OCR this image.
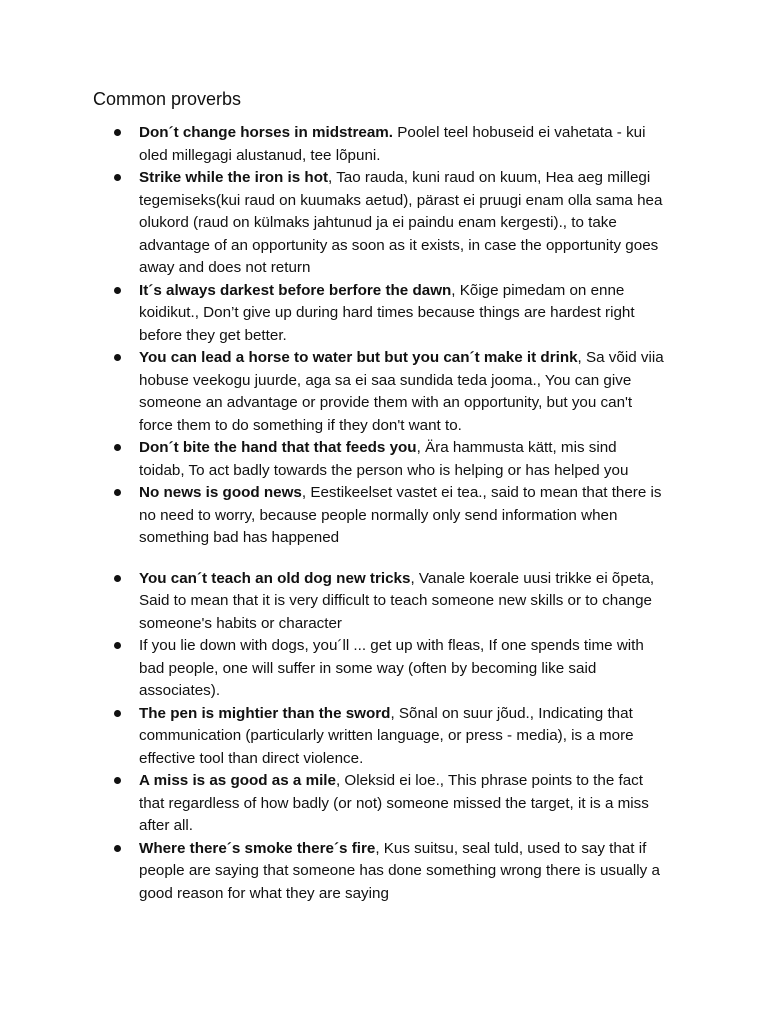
Common proverbs
Don´t change horses in midstream. Poolel teel hobuseid ei vahetata - kui oled millegagi alustanud, tee lõpuni.
Strike while the iron is hot, Tao rauda, kuni raud on kuum, Hea aeg millegi tegemiseks(kui raud on kuumaks aetud), pärast ei pruugi enam olla sama hea olukord (raud on külmaks jahtunud ja ei paindu enam kergesti)., to take advantage of an opportunity as soon as it exists, in case the opportunity goes away and does not return
It´s always darkest before berfore the dawn, Kõige pimedam on enne koidikut., Don’t give up during hard times because things are hardest right before they get better.
You can lead a horse to water but but you can´t make it drink, Sa võid viia hobuse veekogu juurde, aga sa ei saa sundida teda jooma., You can give someone an advantage or provide them with an opportunity, but you can't force them to do something if they don't want to.
Don´t bite the hand that that feeds you, Ära hammusta kätt, mis sind toidab, To act badly towards the person who is helping or has helped you
No news is good news, Eestikeelset vastet ei tea., said to mean that there is no need to worry, because people normally only send information when something bad has happened
You can´t teach an old dog new tricks, Vanale koerale uusi trikke ei õpeta, Said to mean that it is very difficult to teach someone new skills or to change someone's habits or character
If you lie down with dogs, you´ll ... get up with fleas, If one spends time with bad people, one will suffer in some way (often by becoming like said associates).
The pen is mightier than the sword, Sõnal on suur jõud., Indicating that communication (particularly written language, or press - media), is a more effective tool than direct violence.
A miss is as good as a mile, Oleksid ei loe., This phrase points to the fact that regardless of how badly (or not) someone missed the target, it is a miss after all.
Where there´s smoke there´s fire, Kus suitsu, seal tuld, used to say that if people are saying that someone has done something wrong there is usually a good reason for what they are saying
